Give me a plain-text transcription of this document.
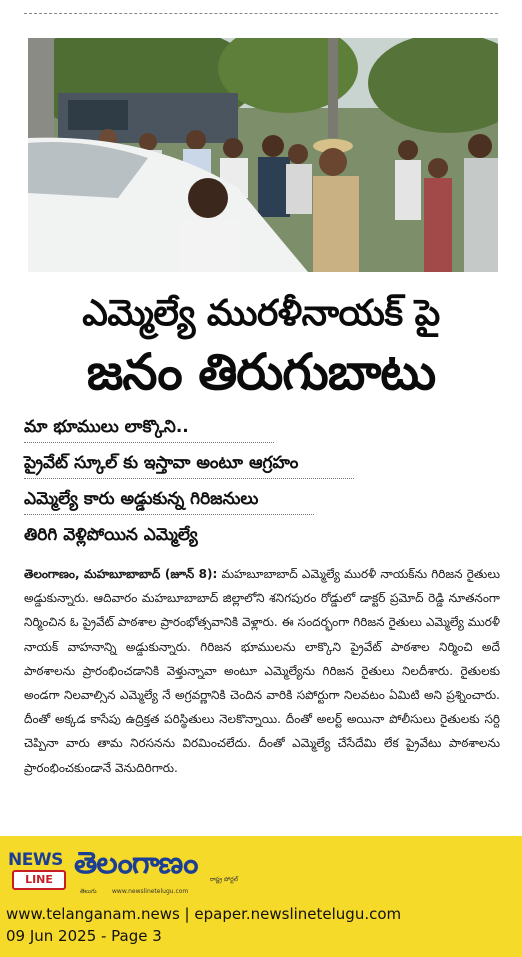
ఎమ్మెల్యే మురళీనాయక్ పై
జనం తిరుగుబాటు
మా భూములు లాక్కొని..
ప్రైవేట్ స్కూల్ కు ఇస్తావా అంటూ ఆగ్రహం
ఎమ్మెల్యే కారు అడ్డుకున్న గిరిజనులు
తిరిగి వెళ్లిపోయిన ఎమ్మెల్యే
తెలంగాణం, మహబూబాబాద్ (జూన్ 8): మహబూబాబాద్ ఎమ్మెల్యే మురళీ నాయక్‌ను గిరిజన రైతులు అడ్డుకున్నారు. ఆదివారం మహబూబాబాద్ జిల్లాలోని శనిగపురం రోడ్డులో డాక్టర్ ప్రమోద్ రెడ్డి నూతనంగా నిర్మించిన ఓ ప్రైవేట్ పాఠశాల ప్రారంభోత్సవానికి వెళ్లారు. ఈ సందర్భంగా గిరిజన రైతులు ఎమ్మెల్యే మురళీ నాయక్ వాహనాన్ని అడ్డుకున్నారు. గిరిజన భూములను లాక్కొని ప్రైవేట్ పాఠశాల నిర్మించి అదే పాఠశాలను ప్రారంభించడానికి వెళ్తున్నావా అంటూ ఎమ్మెల్యేను గిరిజన రైతులు నిలదీశారు. రైతులకు అండగా నిలవాల్సిన ఎమ్మెల్యే నే అగ్రవర్ణానికి చెందిన వారికి సపోర్టుగా నిలవటం ఏమిటి అని ప్రశ్నించారు. దీంతో అక్కడ కాసేపు ఉద్రిక్తత పరిస్థితులు నెలకొన్నాయి. దీంతో అలర్ట్ అయినా పోలీసులు రైతులకు సర్ది చెప్పినా వారు తామ నిరసనను విరమించలేదు. దీంతో ఎమ్మెల్యే చేసేదేమి లేక ప్రైవేటు పాఠశాలను ప్రారంభించకుండానే వెనుదిరిగారు.
NEWS
LINE తెలంగాణం
తెలుగు	www.newslinetelugu.com
రాష్ట్ర పోర్టల్
www.telanganam.news | epaper.newslinetelugu.com
09 Jun 2025 - Page 3
